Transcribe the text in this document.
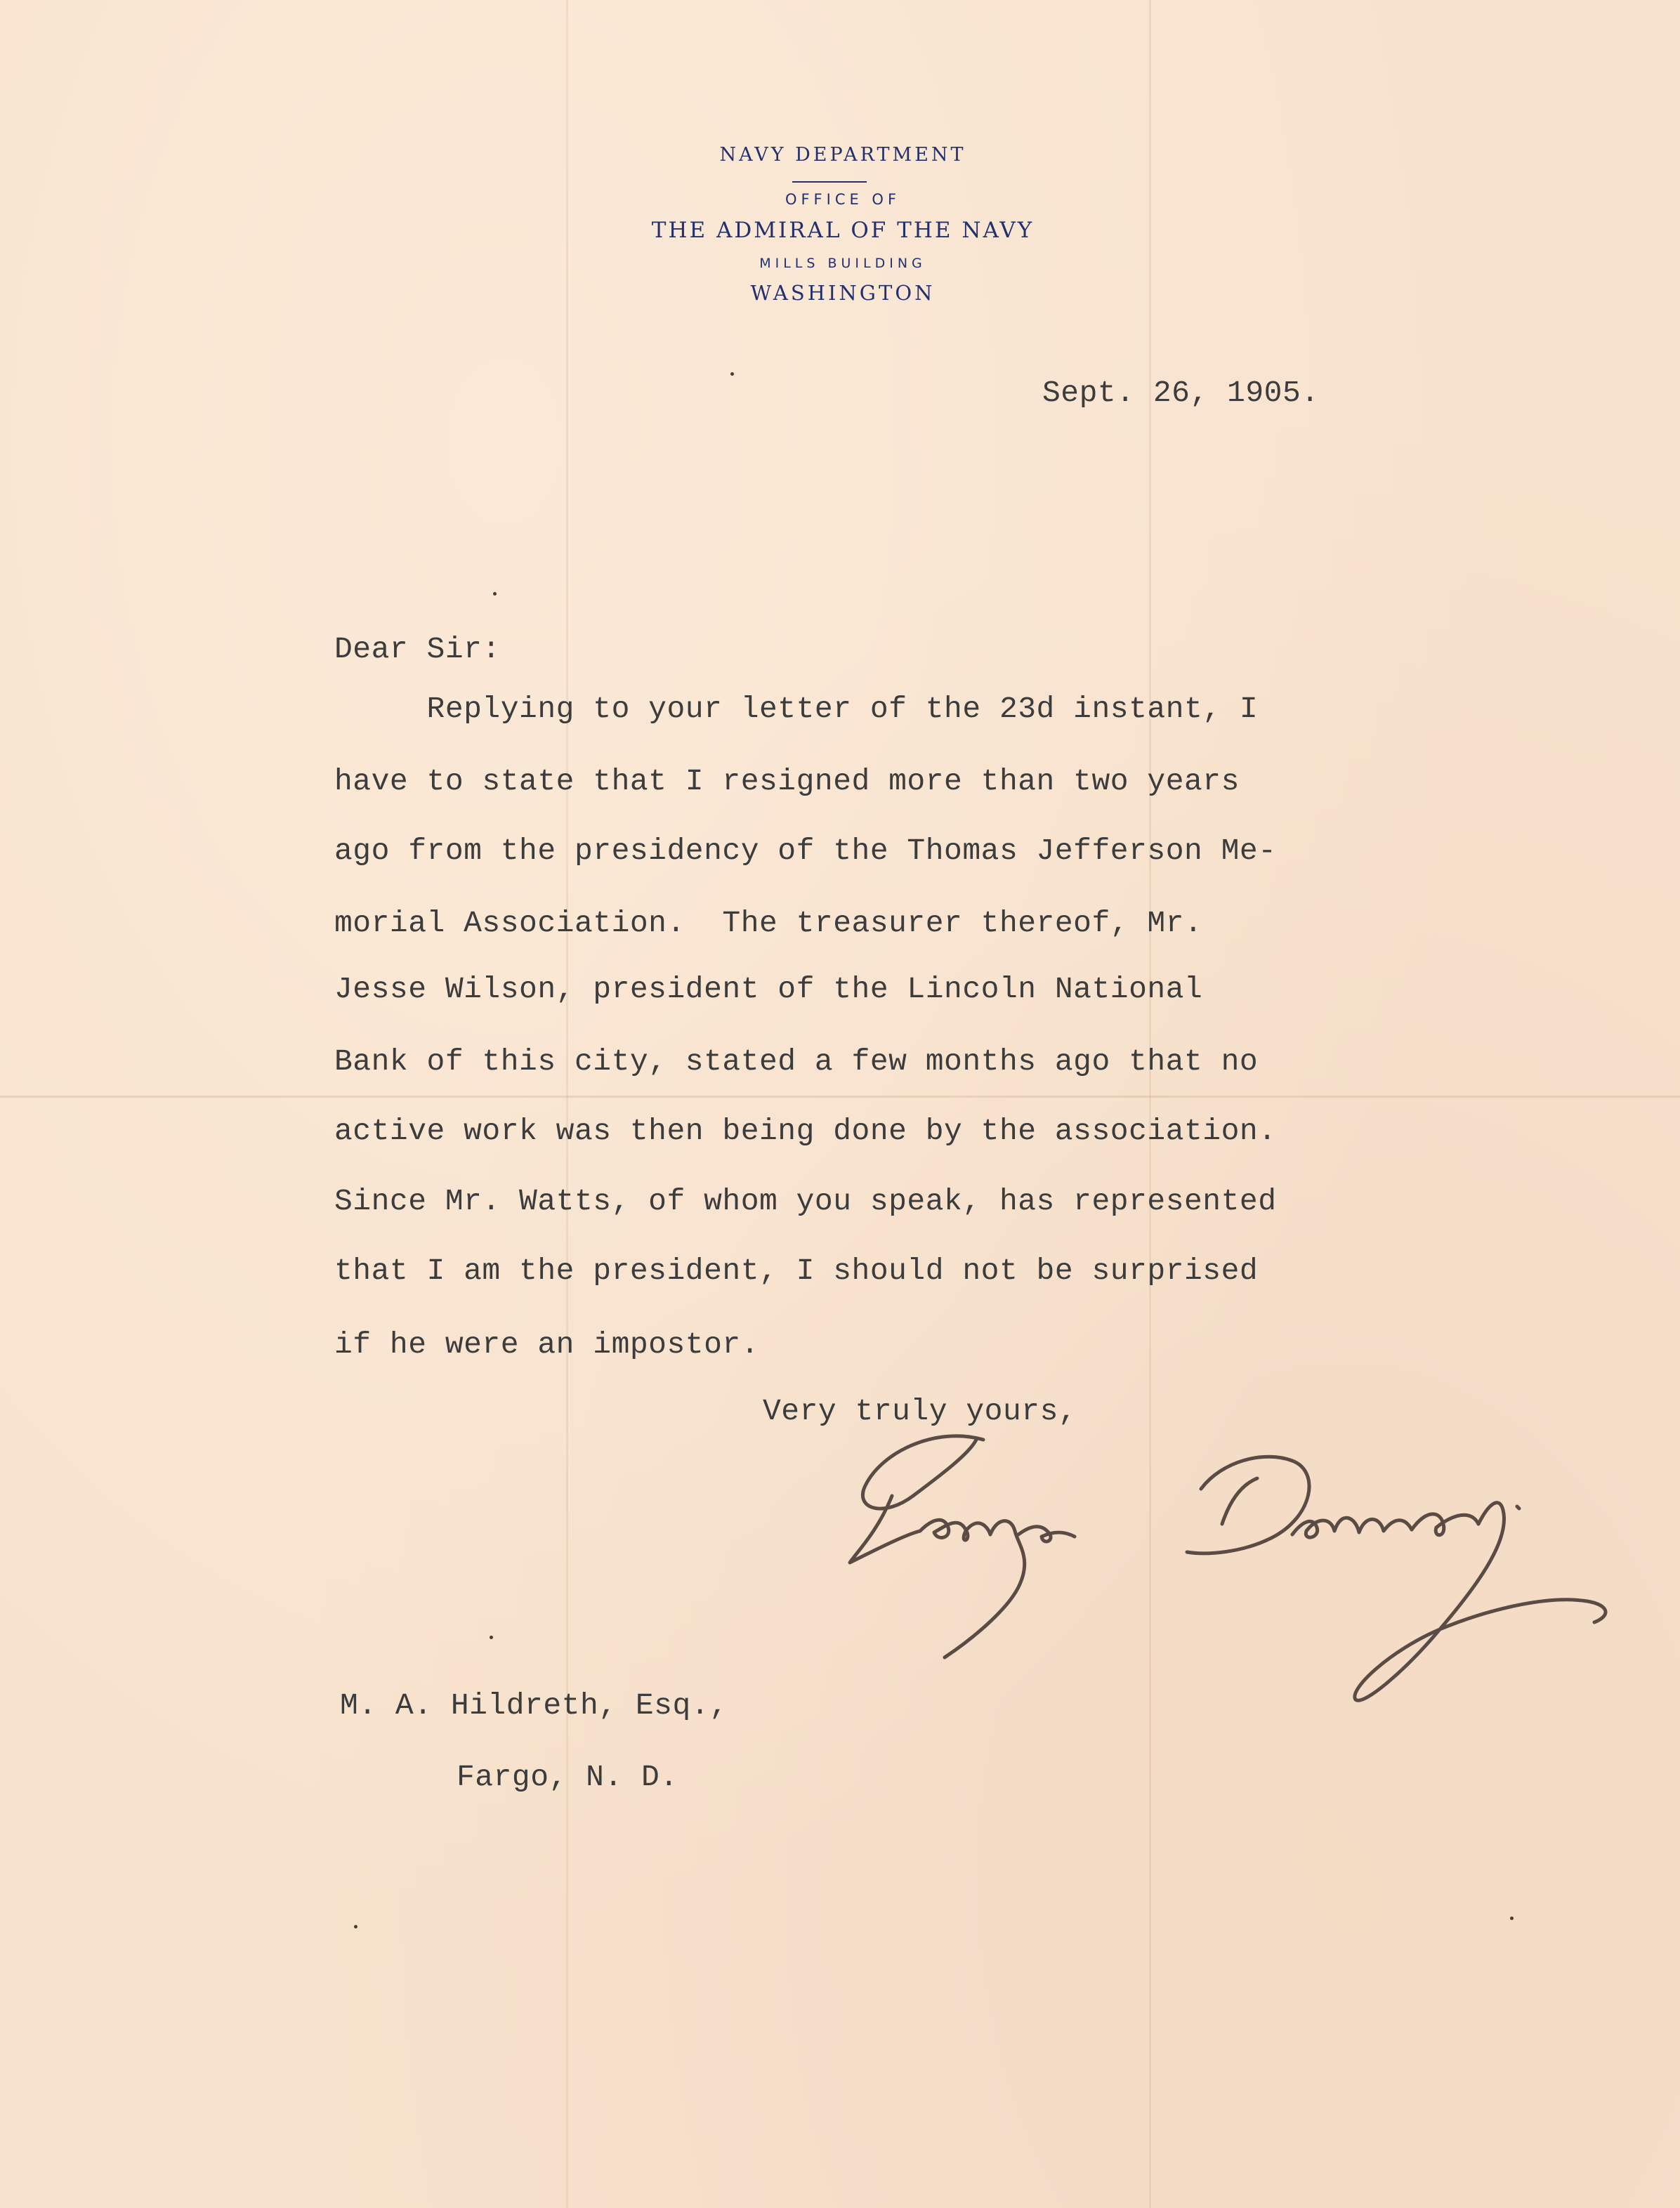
NAVY DEPARTMENT
OFFICE OF
THE ADMIRAL OF THE NAVY
MILLS BUILDING
WASHINGTON
Sept. 26, 1905.
Dear Sir:
Replying to your letter of the 23d instant, I
have to state that I resigned more than two years
ago from the presidency of the Thomas Jefferson Me-
morial Association.  The treasurer thereof, Mr.
Jesse Wilson, president of the Lincoln National
Bank of this city, stated a few months ago that no
active work was then being done by the association.
Since Mr. Watts, of whom you speak, has represented
that I am the president, I should not be surprised
if he were an impostor.
Very truly yours,
M. A. Hildreth, Esq.,
Fargo, N. D.
